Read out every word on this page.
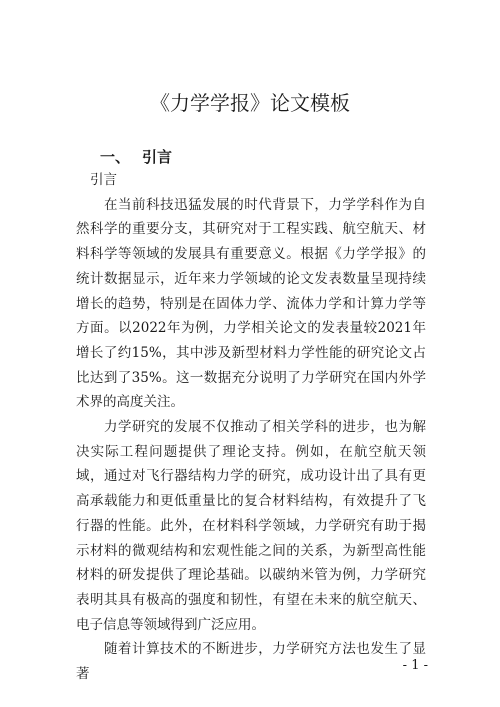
《力学学报》论文模板
一、 引言

引言

在当前科技迅猛发展的时代背景下，力学学科作为自然科学的重要分支，其研究对于工程实践、航空航天、材料科学等领域的发展具有重要意义。根据《力学学报》的统计数据显示，近年来力学领域的论文发表数量呈现持续增长的趋势，特别是在固体力学、流体力学和计算力学等方面。以2022年为例，力学相关论文的发表量较2021年增长了约15%，其中涉及新型材料力学性能的研究论文占比达到了35%。这一数据充分说明了力学研究在国内外学术界的高度关注。

力学研究的发展不仅推动了相关学科的进步，也为解决实际工程问题提供了理论支持。例如，在航空航天领域，通过对飞行器结构力学的研究，成功设计出了具有更高承载能力和更低重量比的复合材料结构，有效提升了飞行器的性能。此外，在材料科学领域，力学研究有助于揭示材料的微观结构和宏观性能之间的关系，为新型高性能材料的研发提供了理论基础。以碳纳米管为例，力学研究表明其具有极高的强度和韧性，有望在未来的航空航天、电子信息等领域得到广泛应用。

随着计算技术的不断进步，力学研究方法也发生了显著

- 1 -
